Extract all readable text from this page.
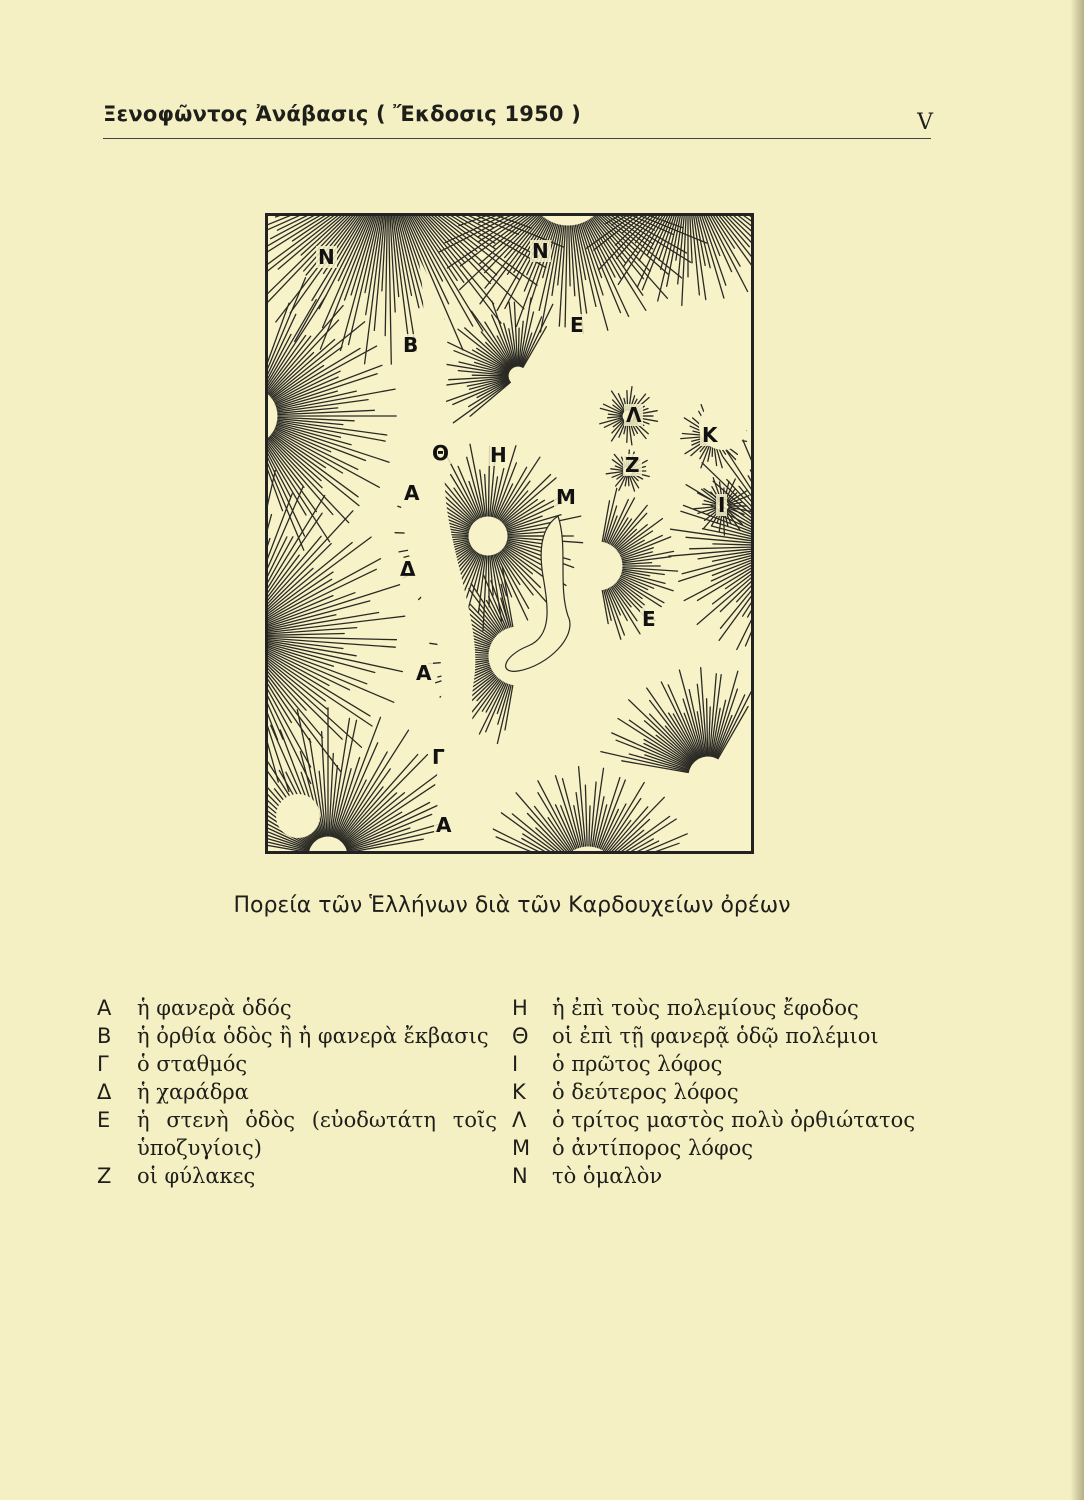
Ξενοφῶντος Ἀνάβασις ( Ἔκδοσις 1950 )	V
N	N
B
E
Λ
K
Θ H	Z
A	M	I
Δ
E
A
Γ
A
Πορεία τῶν Ἑλλήνων διὰ τῶν Καρδουχείων ὀρέων
A	ἡ φανερὰ ὁδός
B	ἡ ὀρθία ὁδὸς ἢ ἡ φανερὰ ἔκβασις
Γ	ὁ σταθμός
Δ	ἡ χαράδρα
E	ἡ στενὴ ὁδὸς (εὐοδωτάτη τοῖς ὑποζυγίοις)
Z	οἱ φύλακες
H	ἡ ἐπὶ τοὺς πολεμίους ἔφοδος
Θ	οἱ ἐπὶ τῇ φανερᾷ ὁδῷ πολέμιοι
I	ὁ πρῶτος λόφος
K	ὁ δεύτερος λόφος
Λ	ὁ τρίτος μαστὸς πολὺ ὀρθιώτατος
M	ὁ ἀντίπορος λόφος
N	τὸ ὁμαλὸν
